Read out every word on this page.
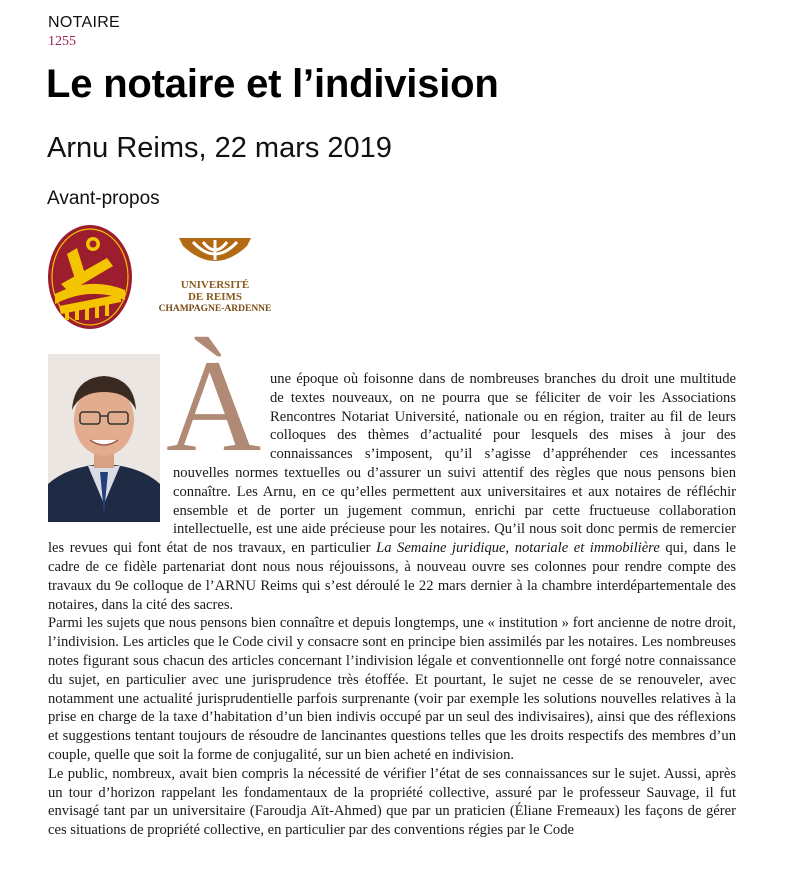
NOTAIRE
1255
Le notaire et l’indivision
Arnu Reims, 22 mars 2019
Avant-propos
UNIVERSITÉ
DE REIMS
CHAMPAGNE-ARDENNE
À une époque où foisonne dans de nombreuses branches du droit une multitude de textes nouveaux, on ne pourra que se féliciter de voir les Associations Rencontres Notariat Université, nationale ou en région, traiter au fil de leurs colloques des thèmes d’actualité pour lesquels des mises à jour des connaissances s’imposent, qu’il s’agisse d’appréhender ces incessantes nouvelles normes textuelles ou d’assurer un suivi attentif des règles que nous pensons bien connaître. Les Arnu, en ce qu’elles permettent aux universitaires et aux notaires de réfléchir ensemble et de porter un jugement commun, enrichi par cette fructueuse collaboration intellectuelle, est une aide précieuse pour les notaires. Qu’il nous soit donc permis de remercier les revues qui font état de nos travaux, en particulier La Semaine juridique, notariale et immobilière qui, dans le cadre de ce fidèle partenariat dont nous nous réjouissons, à nouveau ouvre ses colonnes pour rendre compte des travaux du 9e colloque de l’ARNU Reims qui s’est déroulé le 22 mars dernier à la chambre interdépartementale des notaires, dans la cité des sacres.

Parmi les sujets que nous pensons bien connaître et depuis longtemps, une « institution » fort ancienne de notre droit, l’indivision. Les articles que le Code civil y consacre sont en principe bien assimilés par les notaires. Les nombreuses notes figurant sous chacun des articles concernant l’indivision légale et conventionnelle ont forgé notre connaissance du sujet, en particulier avec une jurisprudence très étoffée. Et pourtant, le sujet ne cesse de se renouveler, avec notamment une actualité jurisprudentielle parfois surprenante (voir par exemple les solutions nouvelles relatives à la prise en charge de la taxe d’habitation d’un bien indivis occupé par un seul des indivisaires), ainsi que des réflexions et suggestions tentant toujours de résoudre de lancinantes questions telles que les droits respectifs des membres d’un couple, quelle que soit la forme de conjugalité, sur un bien acheté en indivision.

Le public, nombreux, avait bien compris la nécessité de vérifier l’état de ses connaissances sur le sujet. Aussi, après un tour d’horizon rappelant les fondamentaux de la propriété collective, assuré par le professeur Sauvage, il fut envisagé tant par un universitaire (Faroudja Aït-Ahmed) que par un praticien (Éliane Fremeaux) les façons de gérer ces situations de propriété collective, en particulier par des conventions régies par le Code
